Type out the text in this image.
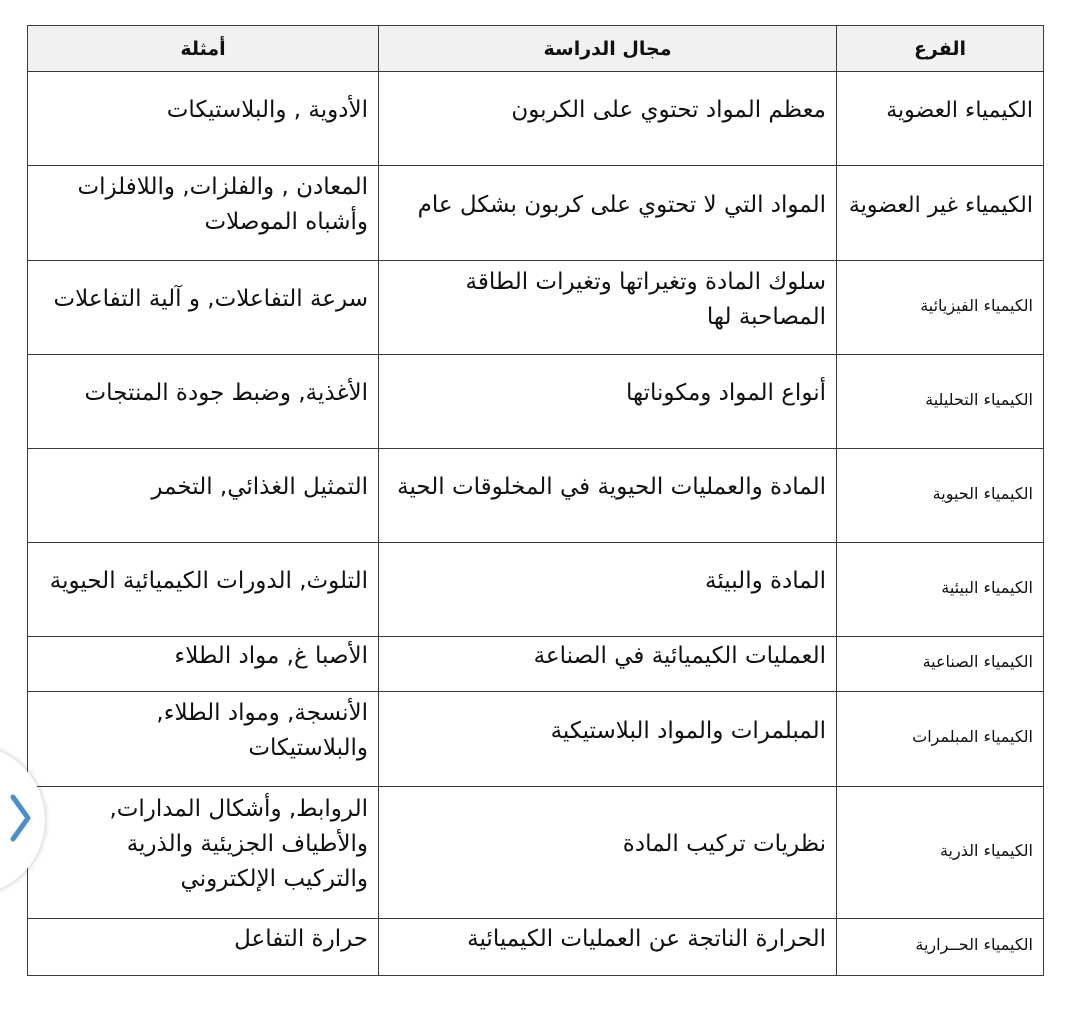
الفرع	مجال الدراسة	أمثلة
الكيمياء العضوية	معظم المواد تحتوي على الكربون	الأدوية , والبلاستيكات
الكيمياء غير العضوية	المواد التي لا تحتوي على كربون بشكل عام	المعادن , والفلزات, واللافلزات وأشباه الموصلات
الكيمياء الفيزيائية	سلوك المادة وتغيراتها وتغيرات الطاقة المصاحبة لها	سرعة التفاعلات, و آلية التفاعلات
الكيمياء التحليلية	أنواع المواد ومكوناتها	الأغذية, وضبط جودة المنتجات
الكيمياء الحيوية	المادة والعمليات الحيوية في المخلوقات الحية	التمثيل الغذائي, التخمر
الكيمياء البيئية	المادة والبيئة	التلوث, الدورات الكيميائية الحيوية
الكيمياء الصناعية	العمليات الكيميائية في الصناعة	الأصبا غ, مواد الطلاء
الكيمياء المبلمرات	المبلمرات والمواد البلاستيكية	الأنسجة, ومواد الطلاء, والبلاستيكات
الكيمياء الذرية	نظريات تركيب المادة	الروابط, وأشكال المدارات, والأطياف الجزيئية والذرية والتركيب الإلكتروني
الكيمياء الحــرارية	الحرارة الناتجة عن العمليات الكيميائية	حرارة التفاعل
